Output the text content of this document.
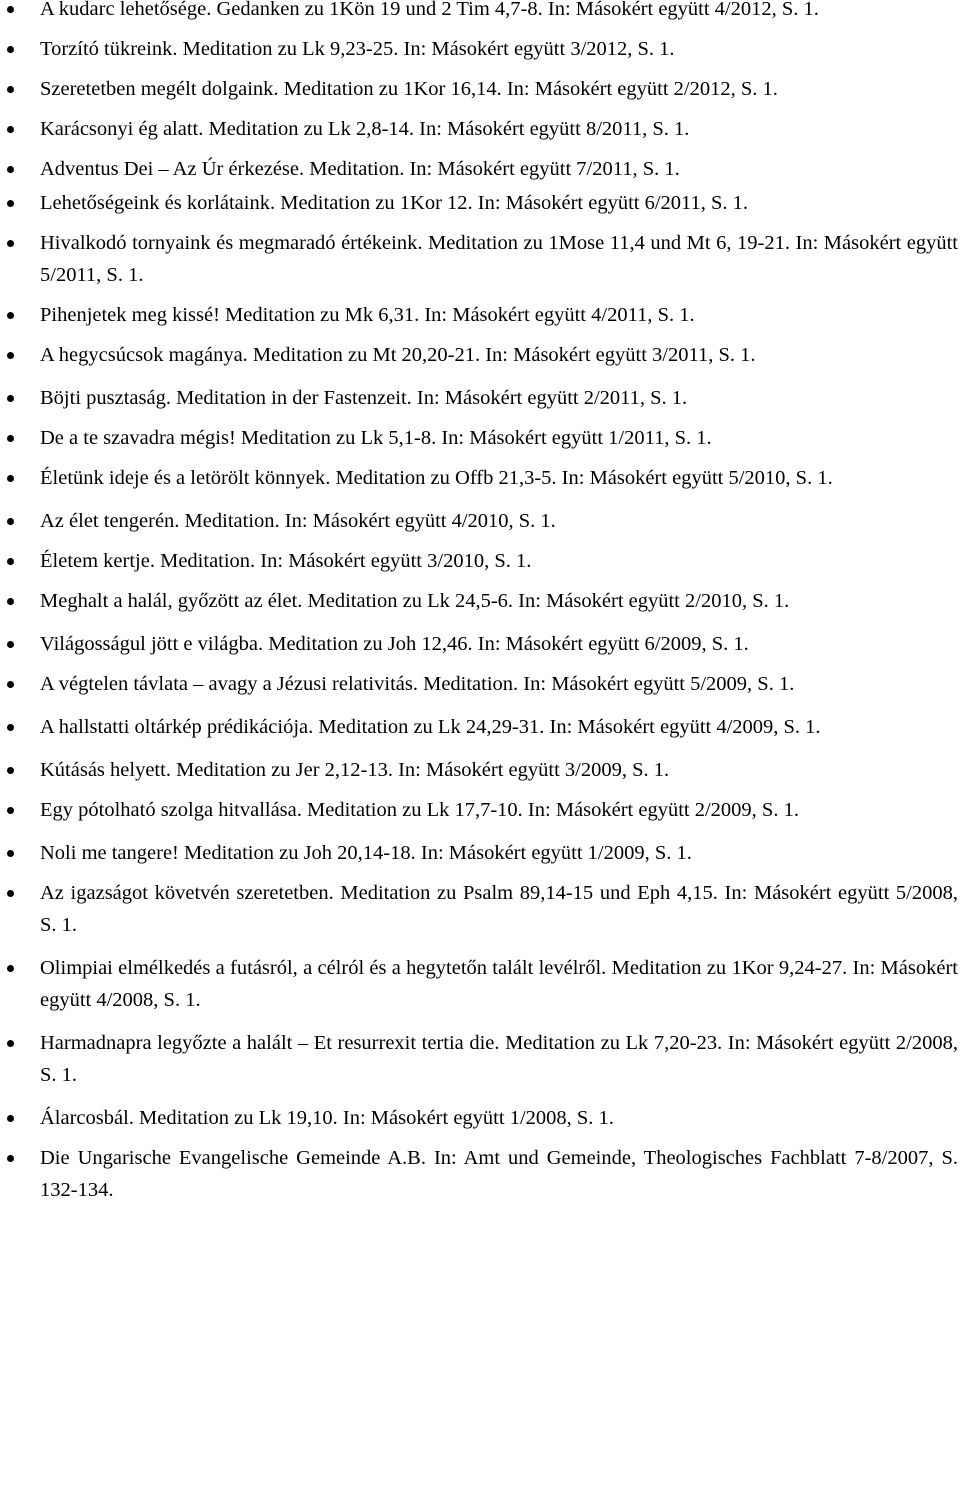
A kudarc lehetősége. Gedanken zu 1Kön 19 und 2 Tim 4,7-8. In: Másokért együtt 4/2012, S. 1.
Torzító tükreink. Meditation zu Lk 9,23-25. In: Másokért együtt 3/2012, S. 1.
Szeretetben megélt dolgaink. Meditation zu 1Kor 16,14. In: Másokért együtt 2/2012, S. 1.
Karácsonyi ég alatt. Meditation zu Lk 2,8-14. In: Másokért együtt 8/2011, S. 1.
Adventus Dei – Az Úr érkezése. Meditation. In: Másokért együtt 7/2011, S. 1.
Lehetőségeink és korlátaink. Meditation zu 1Kor 12. In: Másokért együtt 6/2011, S. 1.
Hivalkodó tornyaink és megmaradó értékeink. Meditation zu 1Mose 11,4 und Mt 6, 19-21. In: Másokért együtt 5/2011, S. 1.
Pihenjetek meg kissé! Meditation zu Mk 6,31. In: Másokért együtt 4/2011, S. 1.
A hegycsúcsok magánya. Meditation zu Mt 20,20-21. In: Másokért együtt 3/2011, S. 1.
Böjti pusztaság. Meditation in der Fastenzeit. In: Másokért együtt 2/2011, S. 1.
De a te szavadra mégis! Meditation zu Lk 5,1-8. In: Másokért együtt 1/2011, S. 1.
Életünk ideje és a letörölt könnyek. Meditation zu Offb 21,3-5. In: Másokért együtt 5/2010, S. 1.
Az élet tengerén. Meditation. In: Másokért együtt 4/2010, S. 1.
Életem kertje. Meditation. In: Másokért együtt 3/2010, S. 1.
Meghalt a halál, győzött az élet. Meditation zu Lk 24,5-6. In: Másokért együtt 2/2010, S. 1.
Világosságul jött e világba. Meditation zu Joh 12,46. In: Másokért együtt 6/2009, S. 1.
A végtelen távlata – avagy a Jézusi relativitás. Meditation. In: Másokért együtt 5/2009, S. 1.
A hallstatti oltárkép prédikációja. Meditation zu Lk 24,29-31. In: Másokért együtt 4/2009, S. 1.
Kútásás helyett. Meditation zu Jer 2,12-13. In: Másokért együtt 3/2009, S. 1.
Egy pótolható szolga hitvallása. Meditation zu Lk 17,7-10. In: Másokért együtt 2/2009, S. 1.
Noli me tangere! Meditation zu Joh 20,14-18. In: Másokért együtt 1/2009, S. 1.
Az igazságot követvén szeretetben. Meditation zu Psalm 89,14-15 und Eph 4,15. In: Másokért együtt 5/2008, S. 1.
Olimpiai elmélkedés a futásról, a célról és a hegytetőn talált levélről. Meditation zu 1Kor 9,24-27. In: Másokért együtt 4/2008, S. 1.
Harmadnapra legyőzte a halált – Et resurrexit tertia die. Meditation zu Lk 7,20-23. In: Másokért együtt 2/2008, S. 1.
Álarcosbál. Meditation zu Lk 19,10. In: Másokért együtt 1/2008, S. 1.
Die Ungarische Evangelische Gemeinde A.B. In: Amt und Gemeinde, Theologisches Fachblatt 7-8/2007, S. 132-134.
